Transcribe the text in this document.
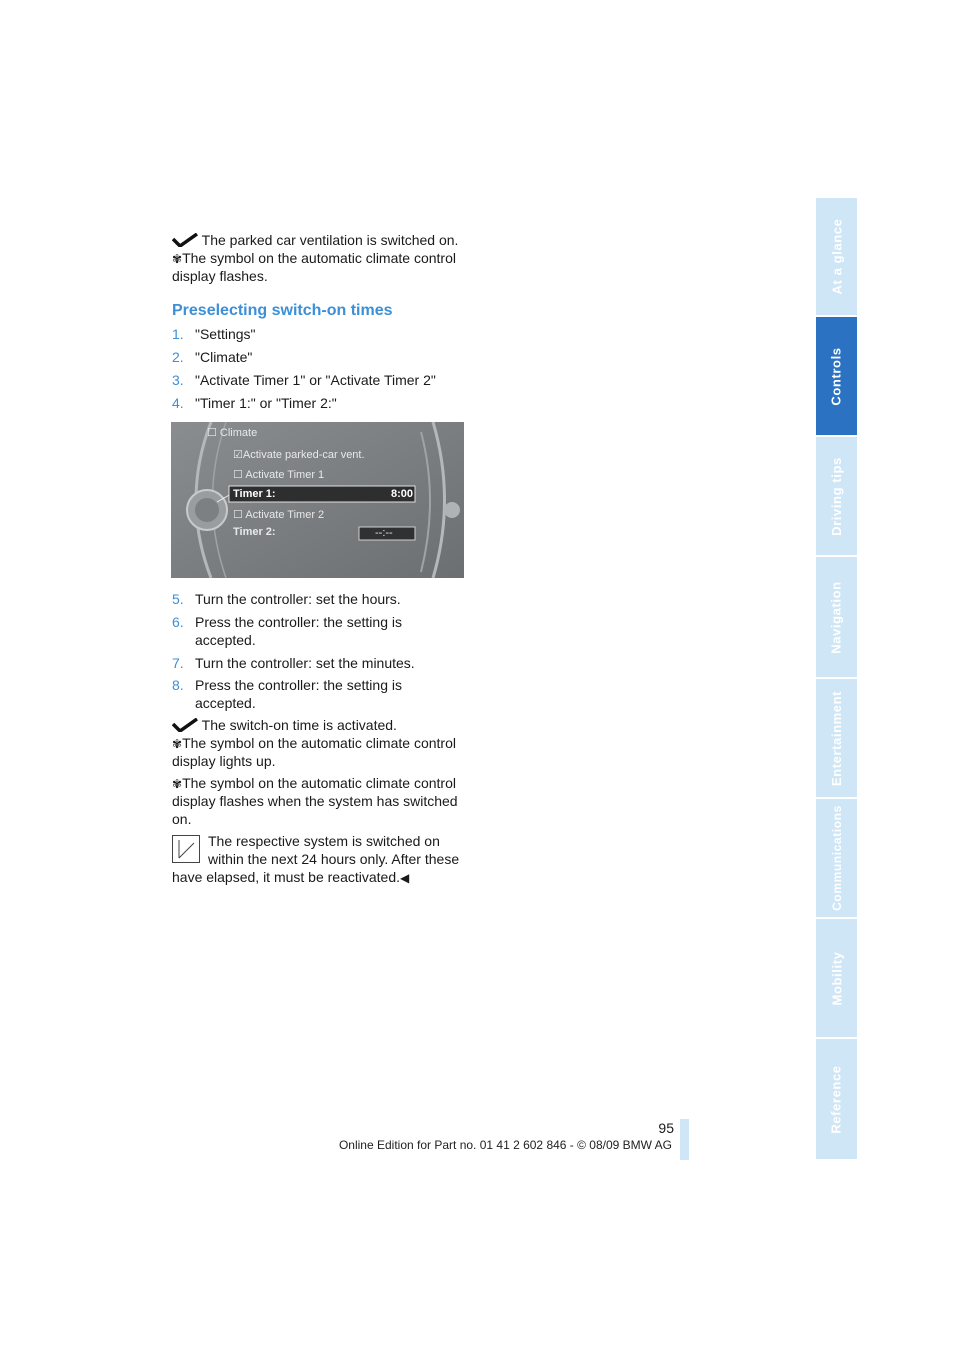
At a glance
Controls
Driving tips
Navigation
Entertainment
Communications
Mobility
Reference
The parked car ventilation is switched on.
✾The symbol on the automatic climate control
display flashes.
Preselecting switch-on times
1. "Settings"
2. "Climate"
3. "Activate Timer 1" or "Activate Timer 2"
4. "Timer 1:" or "Timer 2:"
☐ Climate
☑Activate parked-car vent.
☐ Activate Timer 1
Timer 1:	8:00
☐ Activate Timer 2
Timer 2:	--:--
5. Turn the controller: set the hours.
6. Press the controller: the setting is accepted.
7. Turn the controller: set the minutes.
8. Press the controller: the setting is accepted.
The switch-on time is activated.
✾The symbol on the automatic climate control
display lights up.
✾The symbol on the automatic climate control
display flashes when the system has switched
on.
The respective system is switched on
within the next 24 hours only. After these
have elapsed, it must be reactivated.◀
95
Online Edition for Part no. 01 41 2 602 846 - © 08/09 BMW AG
